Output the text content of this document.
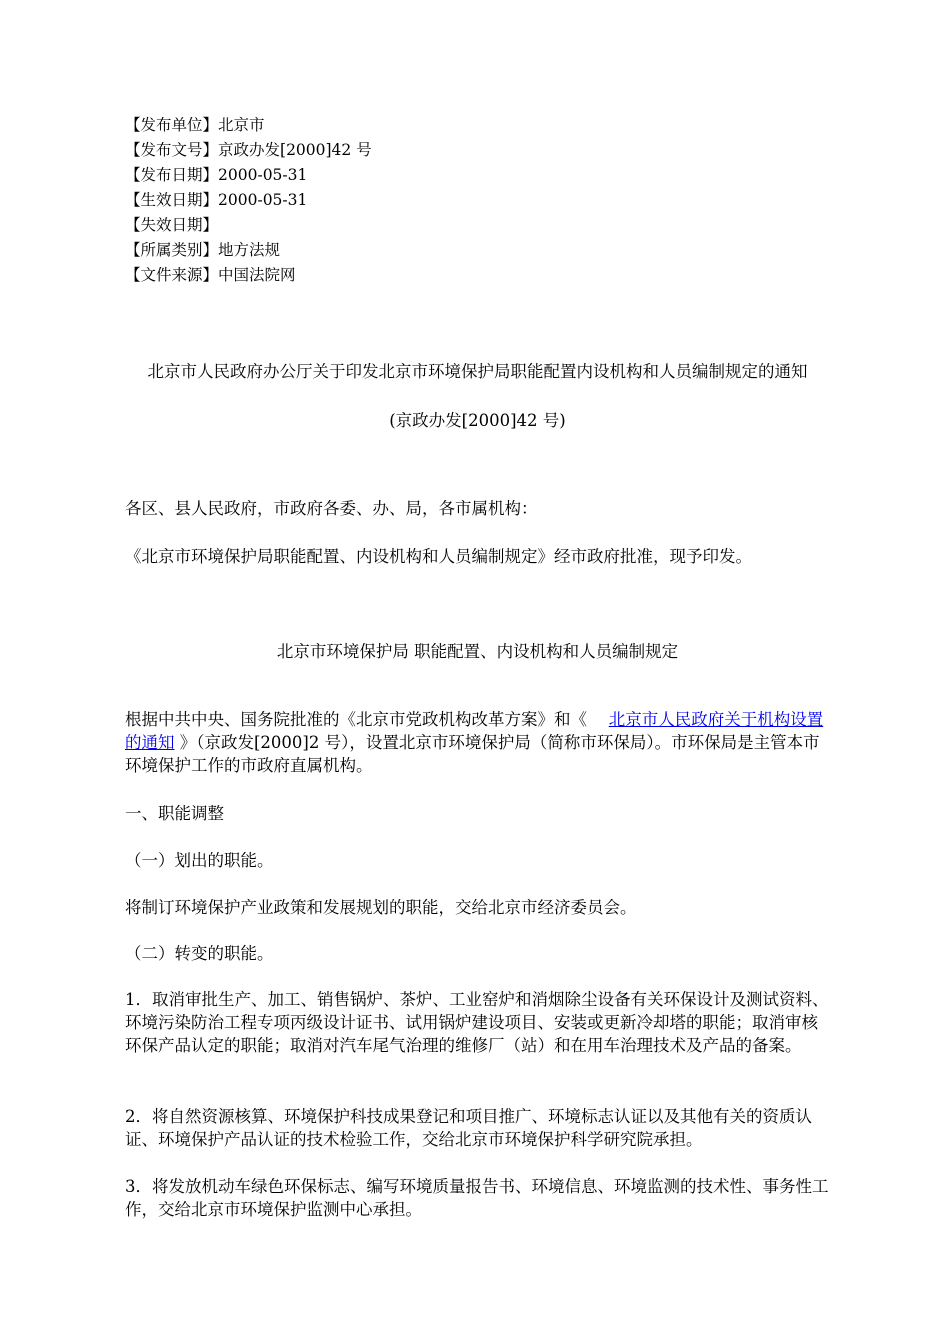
【发布单位】北京市
【发布文号】京政办发[2000]42 号
【发布日期】2000-05-31
【生效日期】2000-05-31
【失效日期】
【所属类别】地方法规
【文件来源】中国法院网
北京市人民政府办公厅关于印发北京市环境保护局职能配置内设机构和人员编制规定的通知
(京政办发[2000]42 号)
各区、县人民政府，市政府各委、办、局，各市属机构：
《北京市环境保护局职能配置、内设机构和人员编制规定》经市政府批准，现予印发。
北京市环境保护局 职能配置、内设机构和人员编制规定
根据中共中央、国务院批准的《北京市党政机构改革方案》和《　 北京市人民政府关于机构设置的通知 》（京政发[2000]2 号），设置北京市环境保护局（简称市环保局）。市环保局是主管本市环境保护工作的市政府直属机构。
一、职能调整
（一）划出的职能。
将制订环境保护产业政策和发展规划的职能，交给北京市经济委员会。
（二）转变的职能。
1．取消审批生产、加工、销售锅炉、茶炉、工业窑炉和消烟除尘设备有关环保设计及测试资料、环境污染防治工程专项丙级设计证书、试用锅炉建设项目、安装或更新冷却塔的职能；取消审核环保产品认定的职能；取消对汽车尾气治理的维修厂（站）和在用车治理技术及产品的备案。
2．将自然资源核算、环境保护科技成果登记和项目推广、环境标志认证以及其他有关的资质认证、环境保护产品认证的技术检验工作，交给北京市环境保护科学研究院承担。
3．将发放机动车绿色环保标志、编写环境质量报告书、环境信息、环境监测的技术性、事务性工作，交给北京市环境保护监测中心承担。
